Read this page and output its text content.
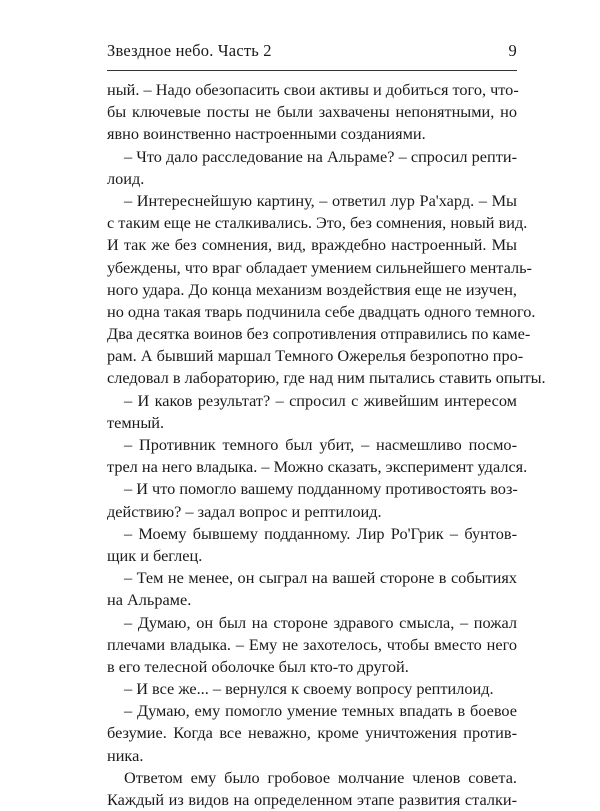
Звездное небо. Часть 2	9
ный. – Надо обезопасить свои активы и добиться того, что-
бы ключевые посты не были захвачены непонятными, но
явно воинственно настроенными созданиями.
– Что дало расследование на Альраме? – спросил репти-
лоид.
– Интереснейшую картину, – ответил лур Ра'хард. – Мы
с таким еще не сталкивались. Это, без сомнения, новый вид.
И так же без сомнения, вид, враждебно настроенный. Мы
убеждены, что враг обладает умением сильнейшего менталь-
ного удара. До конца механизм воздействия еще не изучен,
но одна такая тварь подчинила себе двадцать одного темного.
Два десятка воинов без сопротивления отправились по каме-
рам. А бывший маршал Темного Ожерелья безропотно про-
следовал в лабораторию, где над ним пытались ставить опыты.
– И каков результат? – спросил с живейшим интересом
темный.
– Противник темного был убит, – насмешливо посмо-
трел на него владыка. – Можно сказать, эксперимент удался.
– И что помогло вашему подданному противостоять воз-
действию? – задал вопрос и рептилоид.
– Моему бывшему подданному. Лир Ро'Грик – бунтов-
щик и беглец.
– Тем не менее, он сыграл на вашей стороне в событиях
на Альраме.
– Думаю, он был на стороне здравого смысла, – пожал
плечами владыка. – Ему не захотелось, чтобы вместо него
в его телесной оболочке был кто-то другой.
– И все же... – вернулся к своему вопросу рептилоид.
– Думаю, ему помогло умение темных впадать в боевое
безумие. Когда все неважно, кроме уничтожения против-
ника.
Ответом ему было гробовое молчание членов совета.
Каждый из видов на определенном этапе развития сталки-
